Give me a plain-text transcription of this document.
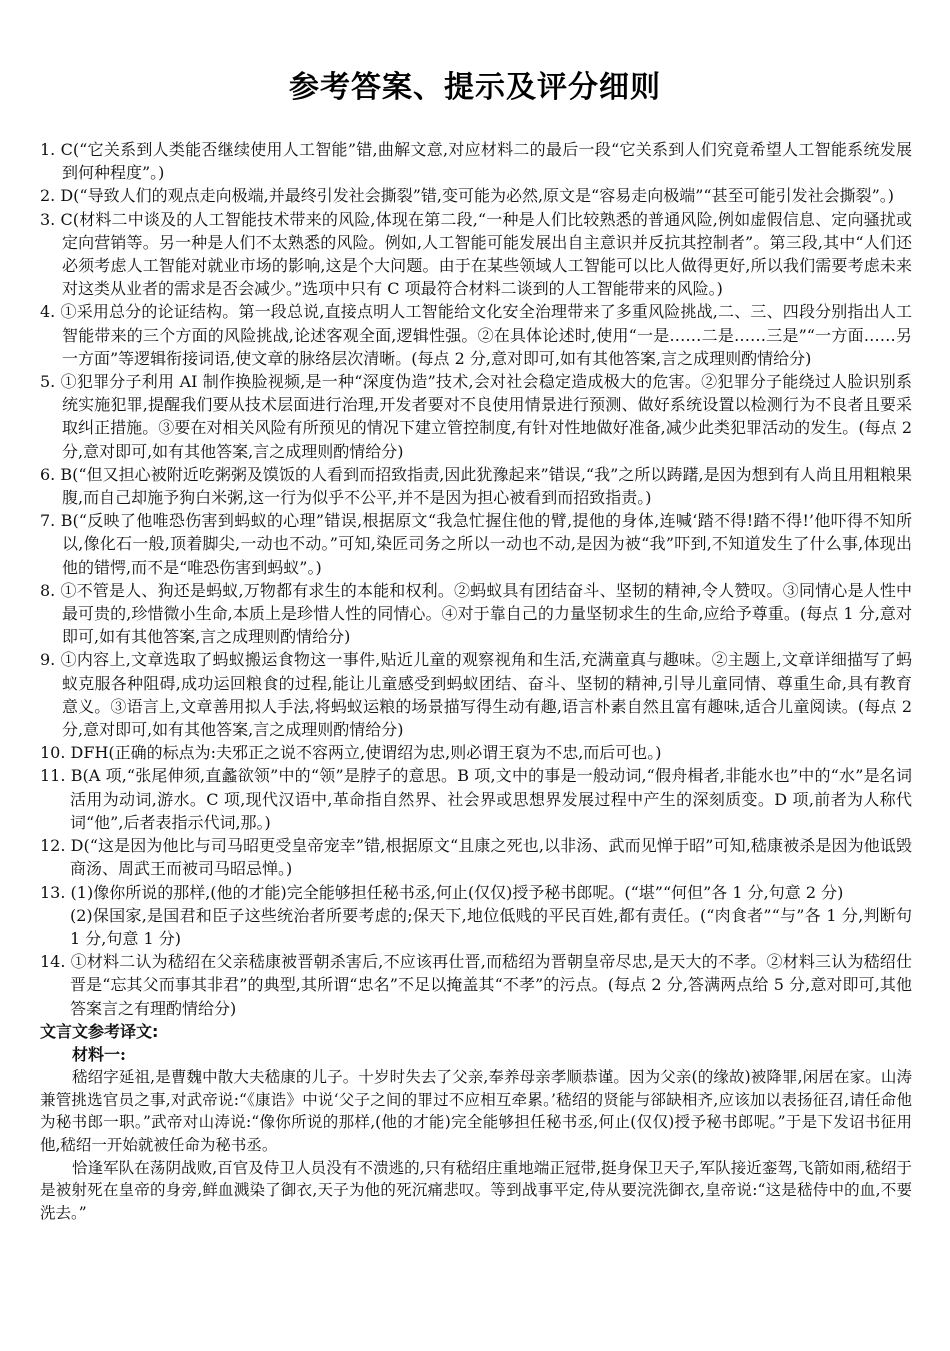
参考答案、提示及评分细则

1. C(“它关系到人类能否继续使用人工智能”错,曲解文意,对应材料二的最后一段“它关系到人们究竟希望人工智能系统发展到何种程度”。)

2. D(“导致人们的观点走向极端,并最终引发社会撕裂”错,变可能为必然,原文是“容易走向极端”“甚至可能引发社会撕裂”。)

3. C(材料二中谈及的人工智能技术带来的风险,体现在第二段,“一种是人们比较熟悉的普通风险,例如虚假信息、定向骚扰或定向营销等。另一种是人们不太熟悉的风险。例如,人工智能可能发展出自主意识并反抗其控制者”。第三段,其中“人们还必须考虑人工智能对就业市场的影响,这是个大问题。由于在某些领域人工智能可以比人做得更好,所以我们需要考虑未来对这类从业者的需求是否会减少。”选项中只有 C 项最符合材料二谈到的人工智能带来的风险。)

4. ①采用总分的论证结构。第一段总说,直接点明人工智能给文化安全治理带来了多重风险挑战,二、三、四段分别指出人工智能带来的三个方面的风险挑战,论述客观全面,逻辑性强。②在具体论述时,使用“一是……二是……三是”“一方面……另一方面”等逻辑衔接词语,使文章的脉络层次清晰。(每点 2 分,意对即可,如有其他答案,言之成理则酌情给分)

5. ①犯罪分子利用 AI 制作换脸视频,是一种“深度伪造”技术,会对社会稳定造成极大的危害。②犯罪分子能绕过人脸识别系统实施犯罪,提醒我们要从技术层面进行治理,开发者要对不良使用情景进行预测、做好系统设置以检测行为不良者且要采取纠正措施。③要在对相关风险有所预见的情况下建立管控制度,有针对性地做好准备,减少此类犯罪活动的发生。(每点 2 分,意对即可,如有其他答案,言之成理则酌情给分)

6. B(“但又担心被附近吃粥粥及馍饭的人看到而招致指责,因此犹豫起来”错误,“我”之所以踌躇,是因为想到有人尚且用粗粮果腹,而自己却施予狗白米粥,这一行为似乎不公平,并不是因为担心被看到而招致指责。)

7. B(“反映了他唯恐伤害到蚂蚁的心理”错误,根据原文“我急忙握住他的臂,提他的身体,连喊‘踏不得!踏不得!’他吓得不知所以,像化石一般,顶着脚尖,一动也不动。”可知,染匠司务之所以一动也不动,是因为被“我”吓到,不知道发生了什么事,体现出他的错愕,而不是“唯恐伤害到蚂蚁”。)

8. ①不管是人、狗还是蚂蚁,万物都有求生的本能和权利。②蚂蚁具有团结奋斗、坚韧的精神,令人赞叹。③同情心是人性中最可贵的,珍惜微小生命,本质上是珍惜人性的同情心。④对于靠自己的力量坚韧求生的生命,应给予尊重。(每点 1 分,意对即可,如有其他答案,言之成理则酌情给分)

9. ①内容上,文章选取了蚂蚁搬运食物这一事件,贴近儿童的观察视角和生活,充满童真与趣味。②主题上,文章详细描写了蚂蚁克服各种阻碍,成功运回粮食的过程,能让儿童感受到蚂蚁团结、奋斗、坚韧的精神,引导儿童同情、尊重生命,具有教育意义。③语言上,文章善用拟人手法,将蚂蚁运粮的场景描写得生动有趣,语言朴素自然且富有趣味,适合儿童阅读。(每点 2 分,意对即可,如有其他答案,言之成理则酌情给分)

10. DFH(正确的标点为:夫邪正之说不容两立,使谓绍为忠,则必谓王裒为不忠,而后可也。)

11. B(A 项,“张尾伸须,直蠡欲领”中的“领”是脖子的意思。B 项,文中的事是一般动词,“假舟楫者,非能水也”中的“水”是名词活用为动词,游水。C 项,现代汉语中,革命指自然界、社会界或思想界发展过程中产生的深刻质变。D 项,前者为人称代词“他”,后者表指示代词,那。)

12. D(“这是因为他比与司马昭更受皇帝宠幸”错,根据原文“且康之死也,以非汤、武而见惮于昭”可知,嵇康被杀是因为他诋毁商汤、周武王而被司马昭忌惮。)

13. (1)像你所说的那样,(他的才能)完全能够担任秘书丞,何止(仅仅)授予秘书郎呢。(“堪”“何但”各 1 分,句意 2 分)

(2)保国家,是国君和臣子这些统治者所要考虑的;保天下,地位低贱的平民百姓,都有责任。(“肉食者”“与”各 1 分,判断句 1 分,句意 1 分)

14. ①材料二认为嵇绍在父亲嵇康被晋朝杀害后,不应该再仕晋,而嵇绍为晋朝皇帝尽忠,是天大的不孝。②材料三认为嵇绍仕晋是“忘其父而事其非君”的典型,其所谓“忠名”不足以掩盖其“不孝”的污点。(每点 2 分,答满两点给 5 分,意对即可,其他答案言之有理酌情给分)

文言文参考译文:

材料一:

嵇绍字延祖,是曹魏中散大夫嵇康的儿子。十岁时失去了父亲,奉养母亲孝顺恭谨。因为父亲(的缘故)被降罪,闲居在家。山涛兼管挑选官员之事,对武帝说:“《康诰》中说‘父子之间的罪过不应相互牵累。’嵇绍的贤能与郤缺相齐,应该加以表扬征召,请任命他为秘书郎一职。”武帝对山涛说:“像你所说的那样,(他的才能)完全能够担任秘书丞,何止(仅仅)授予秘书郎呢。”于是下发诏书征用他,嵇绍一开始就被任命为秘书丞。

恰逢军队在荡阴战败,百官及侍卫人员没有不溃逃的,只有嵇绍庄重地端正冠带,挺身保卫天子,军队接近銮驾,飞箭如雨,嵇绍于是被射死在皇帝的身旁,鲜血溅染了御衣,天子为他的死沉痛悲叹。等到战事平定,侍从要浣洗御衣,皇帝说:“这是嵇侍中的血,不要洗去。”
